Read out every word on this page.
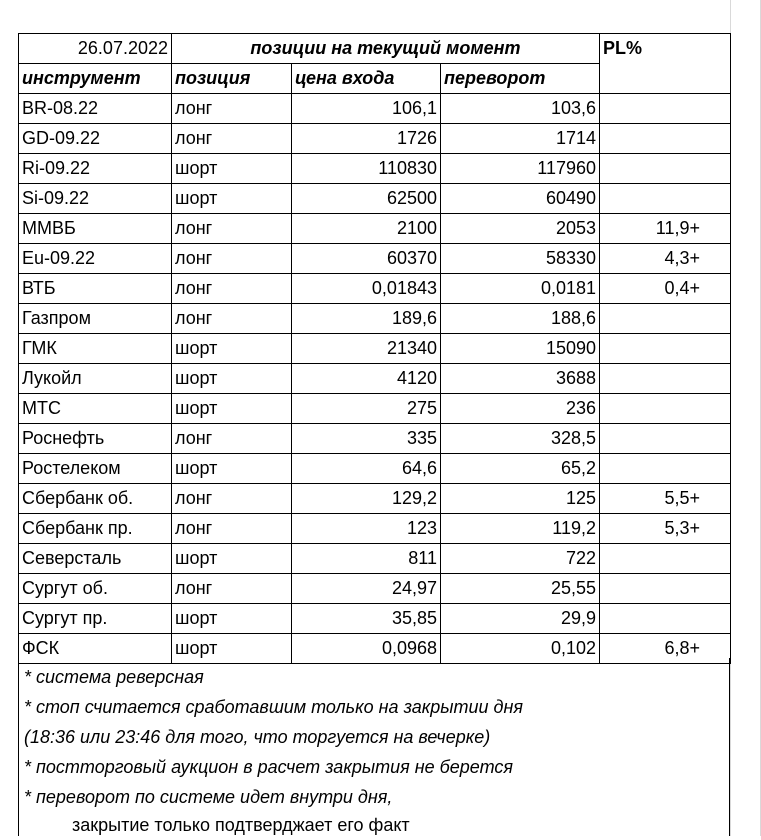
26.07.2022	позиции на текущий момент			PL%
инструмент	позиция	цена входа	переворот	
BR-08.22	лонг	106,1	103,6	
GD-09.22	лонг	1726	1714	
Ri-09.22	шорт	110830	117960	
Si-09.22	шорт	62500	60490	
ММВБ	лонг	2100	2053	11,9+
Eu-09.22	лонг	60370	58330	4,3+
ВТБ	лонг	0,01843	0,0181	0,4+
Газпром	лонг	189,6	188,6	
ГМК	шорт	21340	15090	
Лукойл	шорт	4120	3688	
МТС	шорт	275	236	
Роснефть	лонг	335	328,5	
Ростелеком	шорт	64,6	65,2	
Сбербанк об.	лонг	129,2	125	5,5+
Сбербанк пр.	лонг	123	119,2	5,3+
Северсталь	шорт	811	722	
Сургут об.	лонг	24,97	25,55	
Сургут пр.	шорт	35,85	29,9	
ФСК	шорт	0,0968	0,102	6,8+
* система реверсная
* стоп считается сработавшим только на закрытии дня
(18:36 или 23:46 для того, что торгуется на вечерке)
* постторговый аукцион в расчет закрытия не берется
* переворот по системе идет внутри дня,
закрытие только подтверджает его факт
